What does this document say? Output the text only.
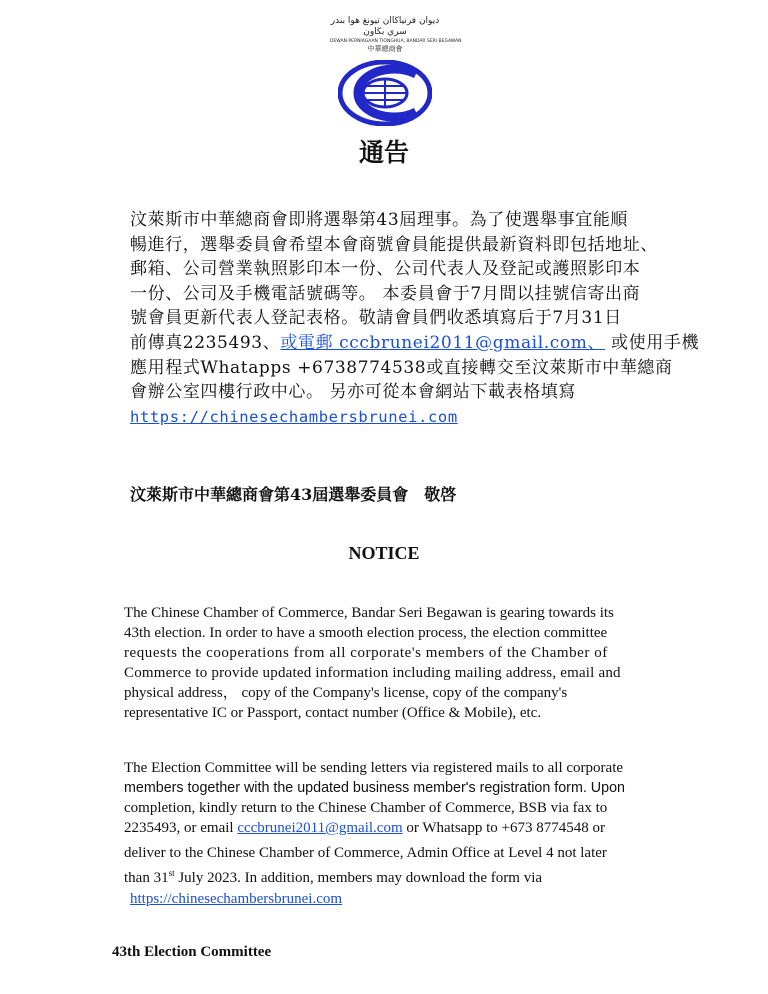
ديوان فرنياڬاان تيونغ هوا بندر سري بڬاون
DEWAN PERNIAGAAN TIONGHUA, BANDAR SERI BEGAWAN
中華總商會
通告
汶萊斯市中華總商會即將選舉第43屆理事。為了使選舉事宜能順
暢進行，選舉委員會希望本會商號會員能提供最新資料即包括地址、
郵箱、公司營業執照影印本一份、公司代表人及登記或護照影印本
一份、公司及手機電話號碼等。 本委員會于7月間以挂號信寄出商
號會員更新代表人登記表格。敬請會員們收悉填寫后于7月31日
前傳真2235493、或電郵 cccbrunei2011@gmail.com、 或使用手機
應用程式Whatapps +6738774538或直接轉交至汶萊斯市中華總商
會辦公室四樓行政中心。 另亦可從本會網站下載表格填寫
https://chinesechambersbrunei.com
汶萊斯市中華總商會第43屆選舉委員會　敬啓
NOTICE
The Chinese Chamber of Commerce, Bandar Seri Begawan is gearing towards its
43th election. In order to have a smooth election process, the election committee
requests the cooperations from all corporate's members of the Chamber of
Commerce to provide updated information including mailing address, email and
physical address， copy of the Company's license, copy of the company's
representative IC or Passport, contact number (Office & Mobile), etc.
The Election Committee will be sending letters via registered mails to all corporate
members together with the updated business member's registration form. Upon
completion, kindly return to the Chinese Chamber of Commerce, BSB via fax to
2235493, or email cccbrunei2011@gmail.com or Whatsapp to +673 8774548 or
deliver to the Chinese Chamber of Commerce, Admin Office at Level 4 not later
than 31st July 2023. In addition, members may download the form via
https://chinesechambersbrunei.com
43th Election Committee
